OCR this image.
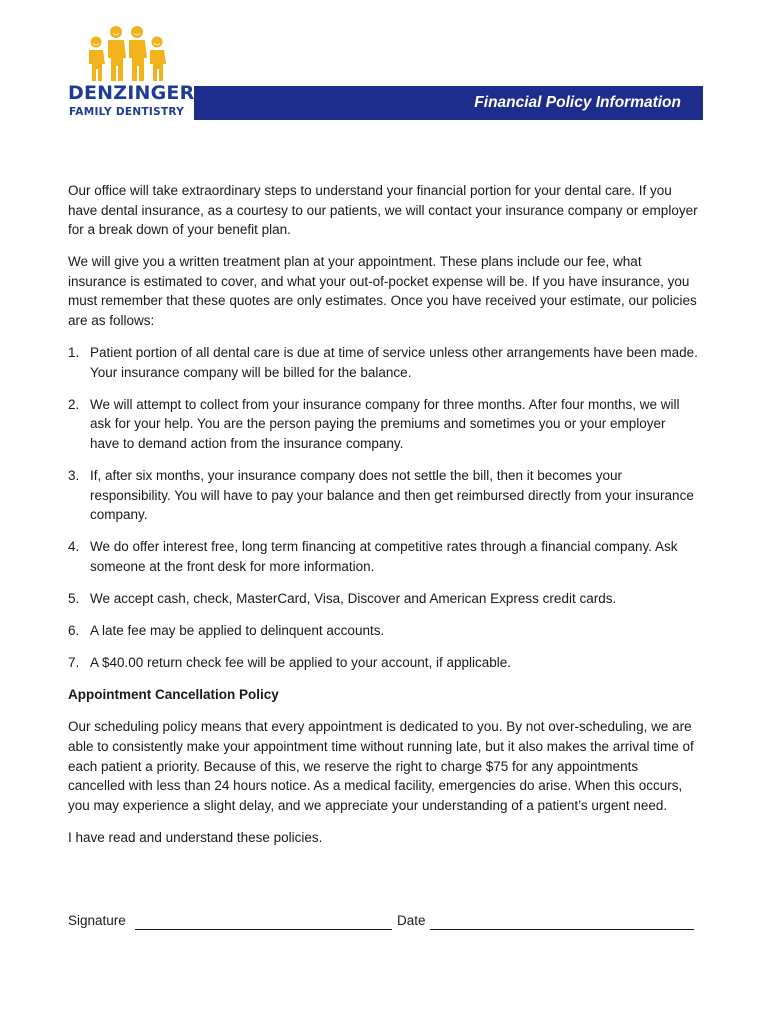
DENZINGER
FAMILY DENTISTRY
Financial Policy Information

Our office will take extraordinary steps to understand your financial portion for your dental care. If you have dental insurance, as a courtesy to our patients, we will contact your insurance company or employer for a break down of your benefit plan.

We will give you a written treatment plan at your appointment. These plans include our fee, what insurance is estimated to cover, and what your out-of-pocket expense will be. If you have insurance, you must remember that these quotes are only estimates. Once you have received your estimate, our policies are as follows:

1. Patient portion of all dental care is due at time of service unless other arrangements have been made. Your insurance company will be billed for the balance.
2. We will attempt to collect from your insurance company for three months. After four months, we will ask for your help. You are the person paying the premiums and sometimes you or your employer have to demand action from the insurance company.
3. If, after six months, your insurance company does not settle the bill, then it becomes your responsibility. You will have to pay your balance and then get reimbursed directly from your insurance company.
4. We do offer interest free, long term financing at competitive rates through a financial company. Ask someone at the front desk for more information.
5. We accept cash, check, MasterCard, Visa, Discover and American Express credit cards.
6. A late fee may be applied to delinquent accounts.
7. A $40.00 return check fee will be applied to your account, if applicable.

Appointment Cancellation Policy

Our scheduling policy means that every appointment is dedicated to you. By not over-scheduling, we are able to consistently make your appointment time without running late, but it also makes the arrival time of each patient a priority. Because of this, we reserve the right to charge $75 for any appointments cancelled with less than 24 hours notice. As a medical facility, emergencies do arise. When this occurs, you may experience a slight delay, and we appreciate your understanding of a patient’s urgent need.

I have read and understand these policies.

Signature	Date
